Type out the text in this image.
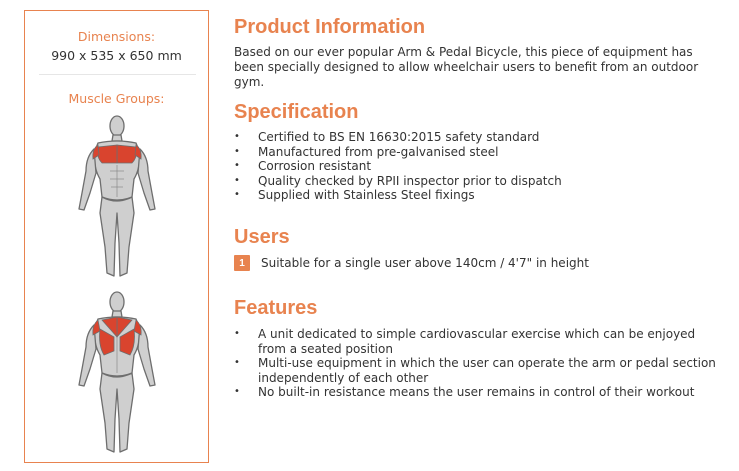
Dimensions:
990 x 535 x 650 mm
Muscle Groups:
Product Information

Based on our ever popular Arm & Pedal Bicycle, this piece of equipment has been specially designed to allow wheelchair users to benefit from an outdoor gym.

Specification
• Certified to BS EN 16630:2015 safety standard
• Manufactured from pre-galvanised steel
• Corrosion resistant
• Quality checked by RPII inspector prior to dispatch
• Supplied with Stainless Steel fixings
Users
1	Suitable for a single user above 140cm / 4'7" in height
Features
• A unit dedicated to simple cardiovascular exercise which can be enjoyed from a seated position
• Multi-use equipment in which the user can operate the arm or pedal section independently of each other
• No built-in resistance means the user remains in control of their workout
